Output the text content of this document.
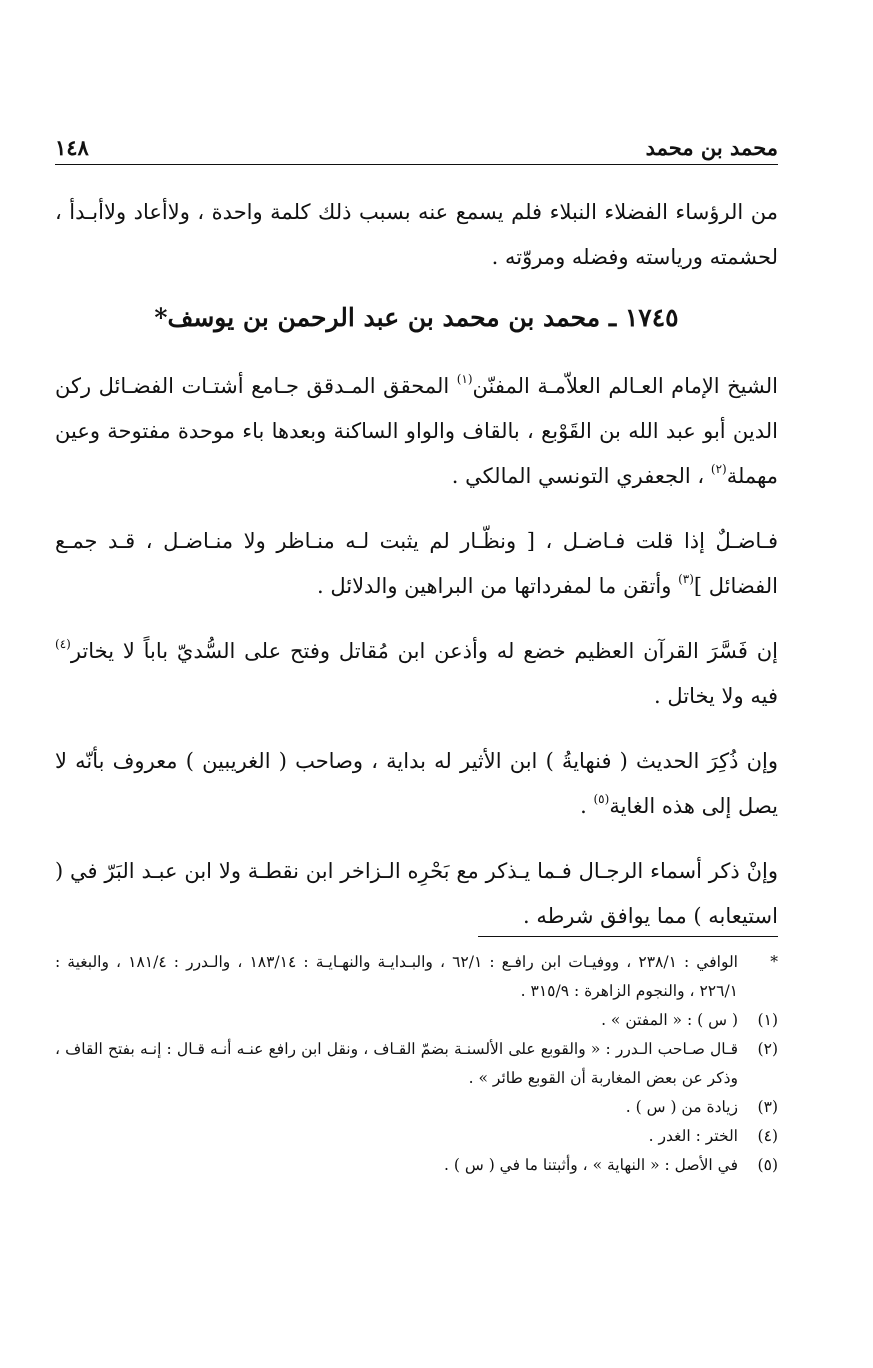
محمد بن محمد
١٤٨

من الرؤساء الفضلاء النبلاء فلم يسمع عنه بسبب ذلك كلمة واحدة ، ولاأعاد ولاأبـدأ ، لحشمته ورياسته وفضله ومروّته .

١٧٤٥ ـ محمد بن محمد بن عبد الرحمن بن يوسف*

الشيخ الإمام العـالم العلاّمـة المفنّن$^{(١)}$ المحقق المـدقق جـامع أشتـات الفضـائل ركن الدين أبو عبد الله بن القَوْبع ، بالقاف والواو الساكنة وبعدها باء موحدة مفتوحة وعين مهملة$^{(٢)}$ ، الجعفري التونسي المالكي .

فـاضـلٌ إذا قلت فـاضـل ، [ ونظّـار لم يثبت لـه منـاظر ولا منـاضـل ، قـد جمـع الفضائل ]$^{(٣)}$ وأتقن ما لمفرداتها من البراهين والدلائل .

إن فَسَّرَ القرآن العظيم خضع له وأذعن ابن مُقاتل وفتح على السُّديّ باباً لا يخاتر$^{(٤)}$ فيه ولا يخاتل .

وإن ذُكِرَ الحديث ( فنهايةُ ) ابن الأثير له بداية ، وصاحب ( الغريبين ) معروف بأنّه لا يصل إلى هذه الغاية$^{(٥)}$ .

وإنْ ذكر أسماء الرجـال فـما يـذكر مع بَحْرِه الـزاخر ابن نقطـة ولا ابن عبـد البَرّ في ( استيعابه ) مما يوافق شرطه .

*
الوافي : ٢٣٨/١ ، ووفيـات ابن رافـع : ٦٢/١ ، والبـدايـة والنهـايـة : ١٨٣/١٤ ، والـدرر : ١٨١/٤ ، والبغية : ٢٢٦/١ ، والنجوم الزاهرة : ٣١٥/٩ .
(١)
( س ) : « المفتن » .
(٢)
قـال صـاحب الـدرر : « والقوبع على الألسنـة بضمّ القـاف ، ونقل ابن رافع عنـه أنـه قـال : إنـه بفتح القاف ، وذكر عن بعض المغاربة أن القوبع طائر » .
(٣)
زيادة من ( س ) .
(٤)
الختر : الغدر .
(٥)
في الأصل : « النهاية » ، وأثبتنا ما في ( س ) .
